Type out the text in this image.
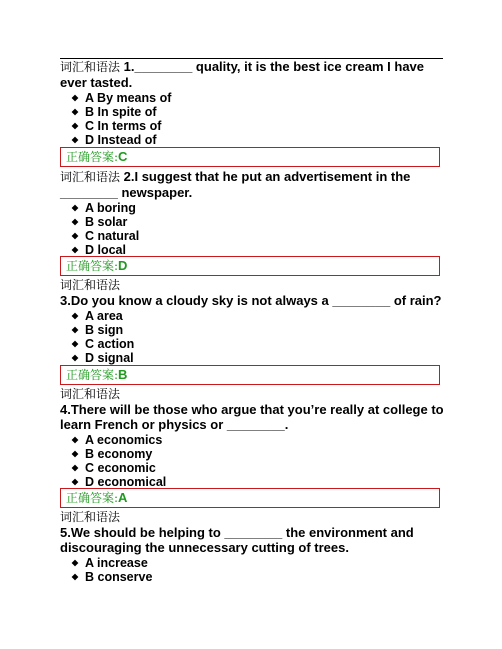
词汇和语法 1.________ quality, it is the best ice cream I have ever tasted.
A By means of
B In spite of
C In terms of
D Instead of
正确答案:C
词汇和语法 2.I suggest that he put an advertisement in the ________ newspaper.
A boring
B solar
C natural
D local
正确答案:D
词汇和语法
3.Do you know a cloudy sky is not always a ________ of rain?
A area
B sign
C action
D signal
正确答案:B
词汇和语法
4.There will be those who argue that you’re really at college to learn French or physics or ________.
A economics
B economy
C economic
D economical
正确答案:A
词汇和语法
5.We should be helping to ________ the environment and discouraging the unnecessary cutting of trees.
A increase
B conserve
